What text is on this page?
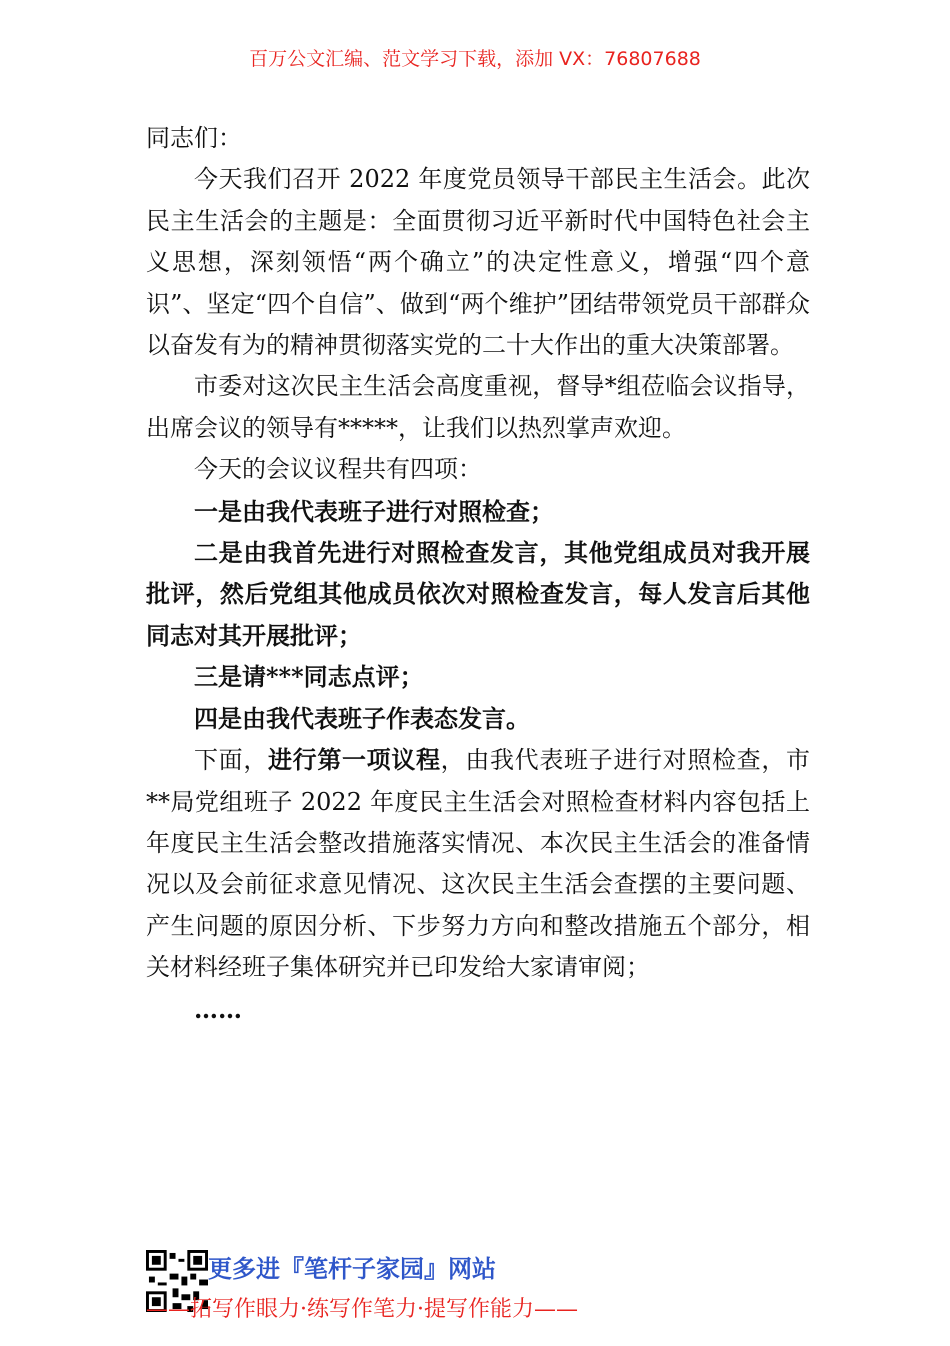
百万公文汇编、范文学习下载，添加 VX：76807688

同志们：

今天我们召开 2022 年度党员领导干部民主生活会。此次民主生活会的主题是：全面贯彻习近平新时代中国特色社会主义思想，深刻领悟“两个确立”的决定性意义，增强“四个意识”、坚定“四个自信”、做到“两个维护”团结带领党员干部群众以奋发有为的精神贯彻落实党的二十大作出的重大决策部署。

市委对这次民主生活会高度重视，督导*组莅临会议指导，出席会议的领导有*****，让我们以热烈掌声欢迎。

今天的会议议程共有四项：

一是由我代表班子进行对照检查；

二是由我首先进行对照检查发言，其他党组成员对我开展批评，然后党组其他成员依次对照检查发言，每人发言后其他同志对其开展批评；

三是请***同志点评；

四是由我代表班子作表态发言。

下面，进行第一项议程，由我代表班子进行对照检查，市**局党组班子 2022 年度民主生活会对照检查材料内容包括上年度民主生活会整改措施落实情况、本次民主生活会的准备情况以及会前征求意见情况、这次民主生活会查摆的主要问题、产生问题的原因分析、下步努力方向和整改措施五个部分，相关材料经班子集体研究并已印发给大家请审阅；

……

更多进『笔杆子家园』网站
——拓写作眼力·练写作笔力·提写作能力——
